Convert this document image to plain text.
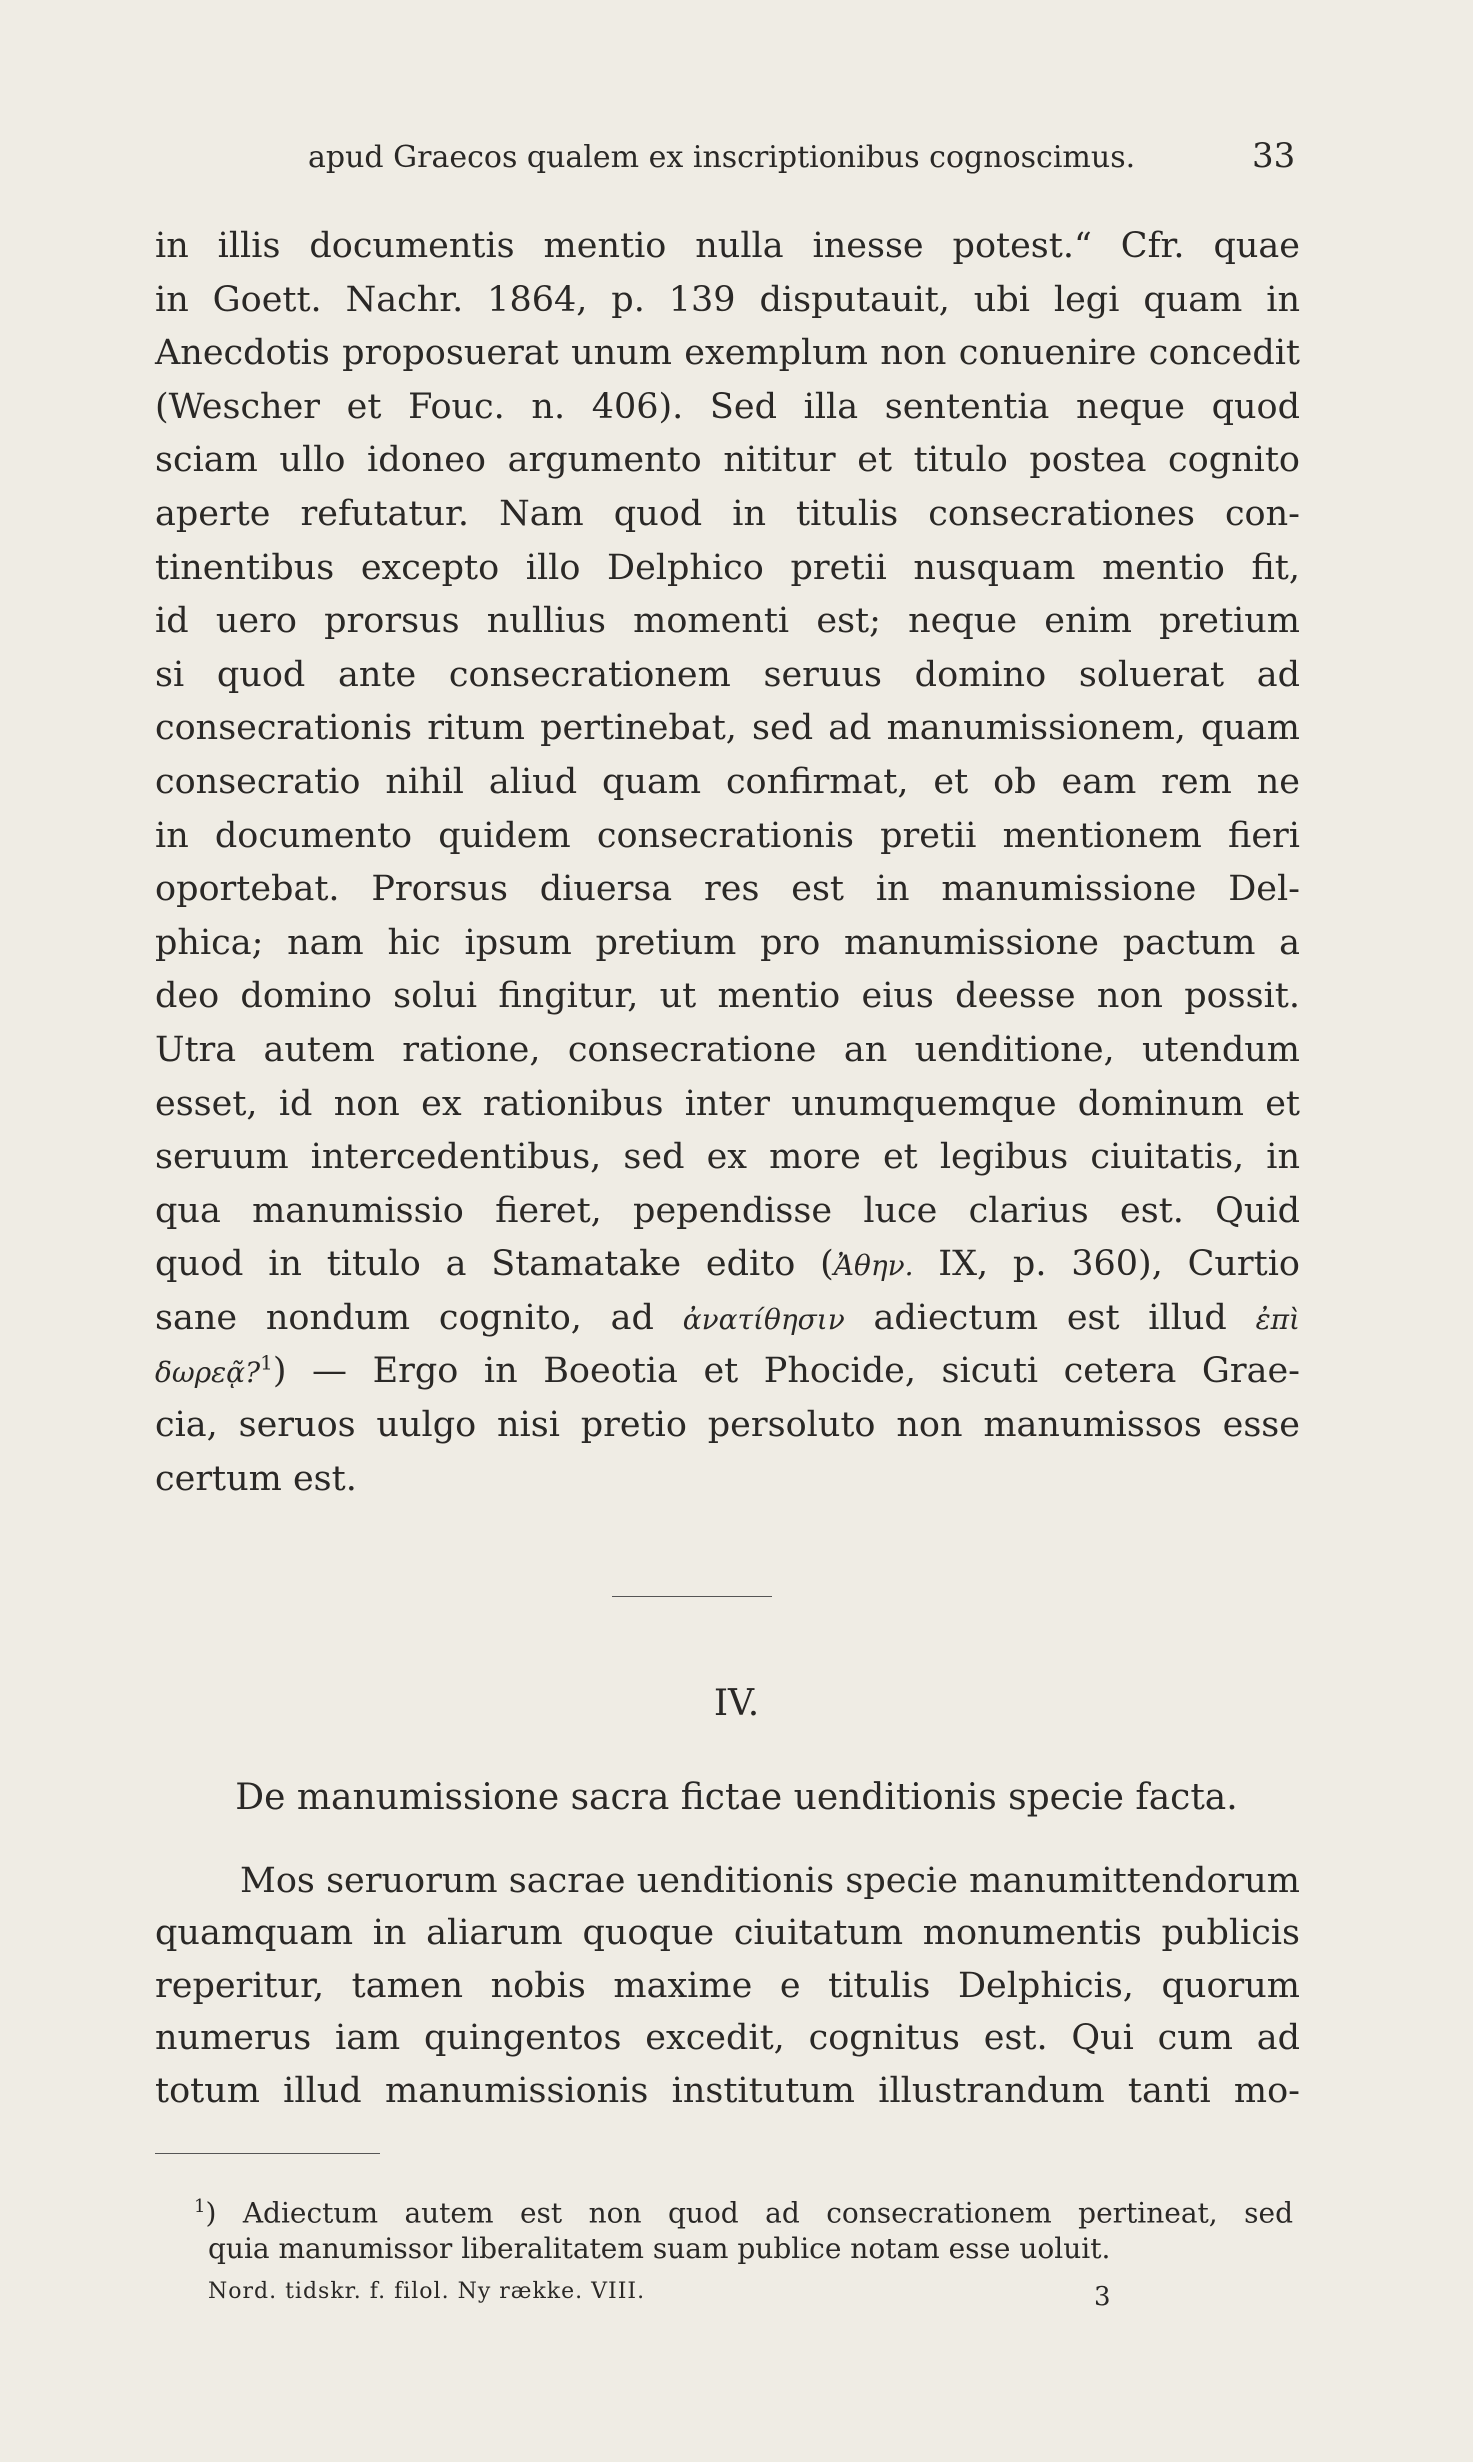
apud Graecos qualem ex inscriptionibus cognoscimus.	33
in illis documentis mentio nulla inesse potest.“ Cfr. quae
in Goett. Nachr. 1864, p. 139 disputauit, ubi legi quam in
Anecdotis proposuerat unum exemplum non conuenire concedit
(Wescher et Fouc. n. 406). Sed illa sententia neque quod
sciam ullo idoneo argumento nititur et titulo postea cognito
aperte refutatur. Nam quod in titulis consecrationes con-
tinentibus excepto illo Delphico pretii nusquam mentio fit,
id uero prorsus nullius momenti est; neque enim pretium
si quod ante consecrationem seruus domino soluerat ad
consecrationis ritum pertinebat, sed ad manumissionem, quam
consecratio nihil aliud quam confirmat, et ob eam rem ne
in documento quidem consecrationis pretii mentionem fieri
oportebat. Prorsus diuersa res est in manumissione Del-
phica; nam hic ipsum pretium pro manumissione pactum a
deo domino solui fingitur, ut mentio eius deesse non possit.
Utra autem ratione, consecratione an uenditione, utendum
esset, id non ex rationibus inter unumquemque dominum et
seruum intercedentibus, sed ex more et legibus ciuitatis, in
qua manumissio fieret, pependisse luce clarius est. Quid
quod in titulo a Stamatake edito (Ἀθην. IX, p. 360), Curtio
sane nondum cognito, ad ἀνατίθησιν adiectum est illud ἐπὶ
δωρεᾷ?$^1$) — Ergo in Boeotia et Phocide, sicuti cetera Grae-
cia, seruos uulgo nisi pretio persoluto non manumissos esse
certum est.
IV.
De manumissione sacra fictae uenditionis specie facta.
Mos seruorum sacrae uenditionis specie manumittendorum
quamquam in aliarum quoque ciuitatum monumentis publicis
reperitur, tamen nobis maxime e titulis Delphicis, quorum
numerus iam quingentos excedit, cognitus est. Qui cum ad
totum illud manumissionis institutum illustrandum tanti mo-
$^1$) Adiectum autem est non quod ad consecrationem pertineat, sed
quia manumissor liberalitatem suam publice notam esse uoluit.
Nord. tidskr. f. filol. Ny række. VIII.	3
